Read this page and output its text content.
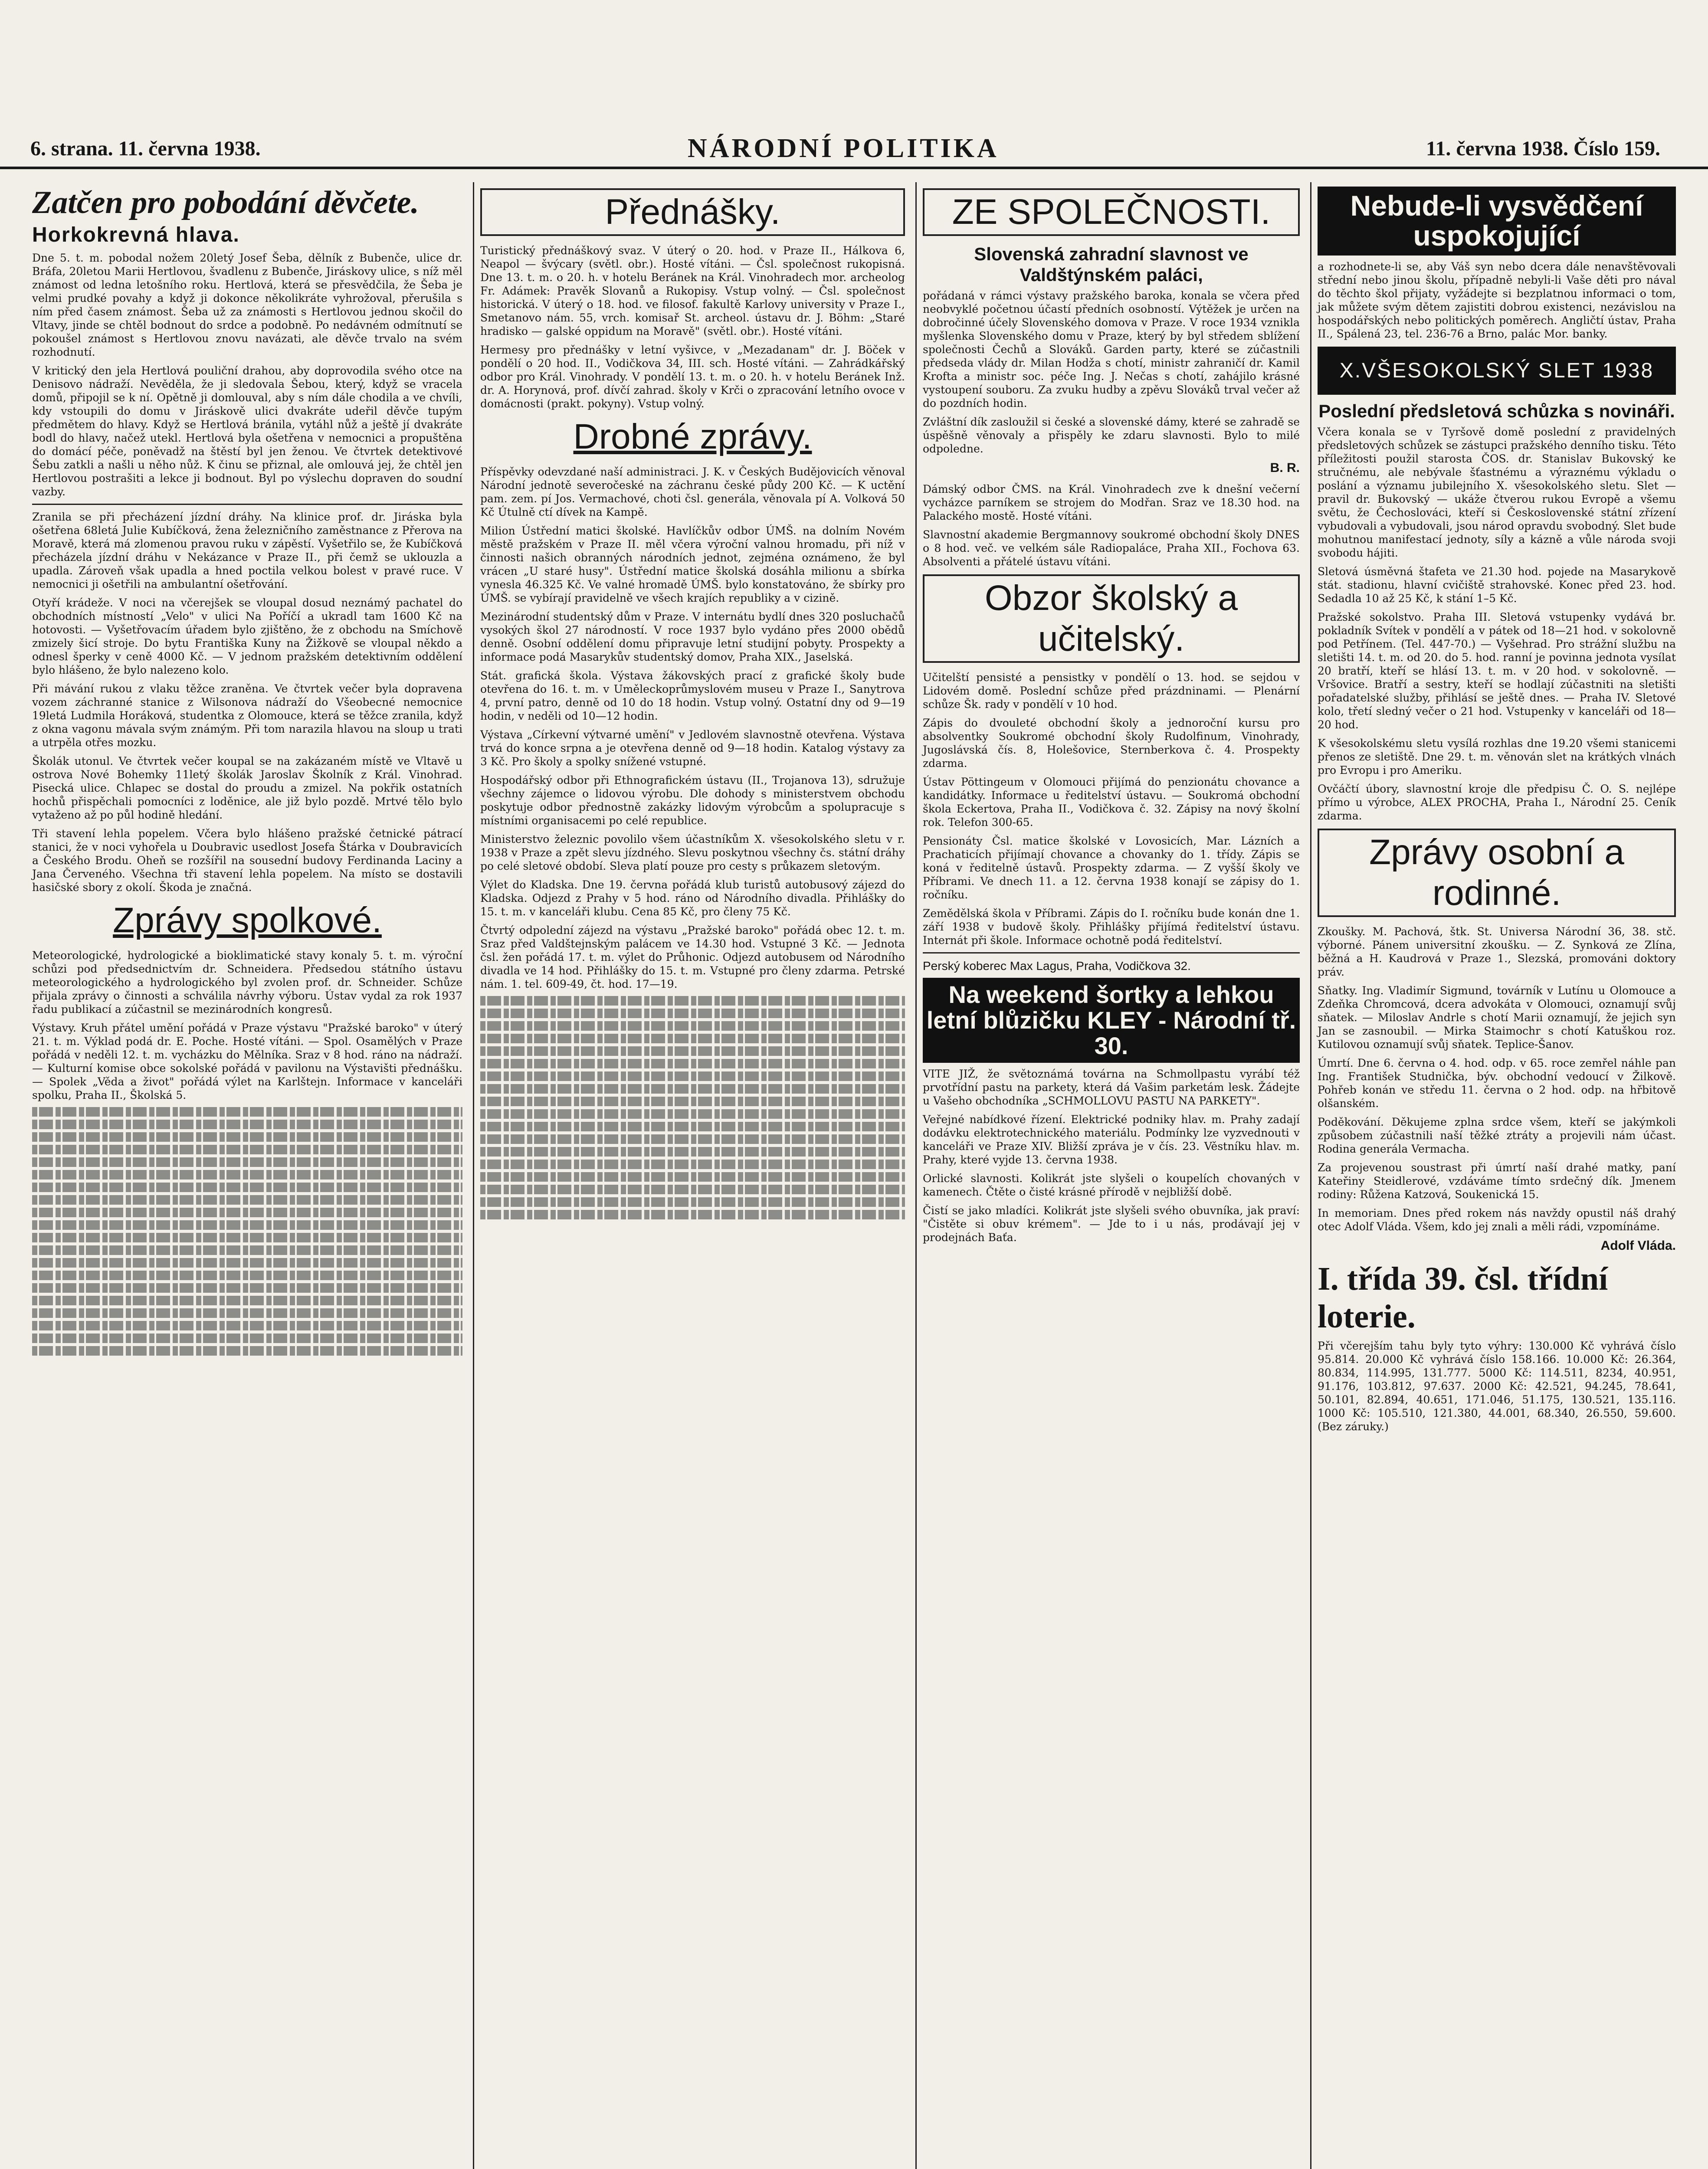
6. strana. 11. června 1938.	NÁRODNÍ POLITIKA	11. června 1938. Číslo 159.
Zatčen pro pobodání děvčete.
Horkokrevná hlava.

Dne 5. t. m. pobodal nožem 20letý Josef Šeba, dělník z Bubenče, ulice dr. Bráfa, 20letou Marii Hertlovou, švadlenu z Bubenče, Jiráskovy ulice, s níž měl známost od ledna letošního roku. Hertlová, která se přesvědčila, že Šeba je velmi prudké povahy a když ji dokonce několikráte vyhrožoval, přerušila s ním před časem známost. Šeba už za známosti s Hertlovou jednou skočil do Vltavy, jinde se chtěl bodnout do srdce a podobně. Po nedávném odmítnutí se pokoušel známost s Hertlovou znovu navázati, ale děvče trvalo na svém rozhodnutí.

V kritický den jela Hertlová pouliční drahou, aby doprovodila svého otce na Denisovo nádraží. Nevěděla, že ji sledovala Šebou, který, když se vracela domů, připojil se k ní. Opětně ji domlouval, aby s ním dále chodila a ve chvíli, kdy vstoupili do domu v Jiráskově ulici dvakráte udeřil děvče tupým předmětem do hlavy. Když se Hertlová bránila, vytáhl nůž a ještě jí dvakráte bodl do hlavy, načež utekl. Hertlová byla ošetřena v nemocnici a propuštěna do domácí péče, poněvadž na štěstí byl jen ženou. Ve čtvrtek detektivové Šebu zatkli a našli u něho nůž. K činu se přiznal, ale omlouvá jej, že chtěl jen Hertlovou postrašiti a lekce ji bodnout. Byl po výslechu dopraven do soudní vazby.

Zranila se při přecházení jízdní dráhy. Na klinice prof. dr. Jiráska byla ošetřena 68letá Julie Kubíčková, žena železničního zaměstnance z Přerova na Moravě, která má zlomenou pravou ruku v zápěstí. Vyšetřilo se, že Kubíčková přecházela jízdní dráhu v Nekázance v Praze II., při čemž se uklouzla a upadla. Zároveň však upadla a hned poctila velkou bolest v pravé ruce. V nemocnici ji ošetřili na ambulantní ošetřování.

Otyří krádeže. V noci na včerejšek se vloupal dosud neznámý pachatel do obchodních místností „Velo" v ulici Na Poříčí a ukradl tam 1600 Kč na hotovosti. — Vyšetřovacím úřadem bylo zjištěno, že z obchodu na Smíchově zmizely šicí stroje. Do bytu Františka Kuny na Žižkově se vloupal někdo a odnesl šperky v ceně 4000 Kč. — V jednom pražském detektivním oddělení bylo hlášeno, že bylo nalezeno kolo.

Při mávání rukou z vlaku těžce zraněna. Ve čtvrtek večer byla dopravena vozem záchranné stanice z Wilsonova nádraží do Všeobecné nemocnice 19letá Ludmila Horáková, studentka z Olomouce, která se těžce zranila, když z okna vagonu mávala svým známým. Při tom narazila hlavou na sloup u trati a utrpěla otřes mozku.

Školák utonul. Ve čtvrtek večer koupal se na zakázaném místě ve Vltavě u ostrova Nové Bohemky 11letý školák Jaroslav Školník z Král. Vinohrad. Pisecká ulice. Chlapec se dostal do proudu a zmizel. Na pokřik ostatních hochů přispěchali pomocníci z loděnice, ale již bylo pozdě. Mrtvé tělo bylo vytaženo až po půl hodině hledání.

Tři stavení lehla popelem. Včera bylo hlášeno pražské četnické pátrací stanici, že v noci vyhořela u Doubravic usedlost Josefa Štárka v Doubravicích a Českého Brodu. Oheň se rozšířil na sousední budovy Ferdinanda Laciny a Jana Červeného. Všechna tři stavení lehla popelem. Na místo se dostavili hasičské sbory z okolí. Škoda je značná.

Zprávy spolkové.

Meteorologické, hydrologické a bioklimatické stavy konaly 5. t. m. výroční schůzi pod předsednictvím dr. Schneidera. Předsedou státního ústavu meteorologického a hydrologického byl zvolen prof. dr. Schneider. Schůze přijala zprávy o činnosti a schválila návrhy výboru. Ústav vydal za rok 1937 řadu publikací a zúčastnil se mezinárodních kongresů.

Výstavy. Kruh přátel umění pořádá v Praze výstavu "Pražské baroko" v úterý 21. t. m. Výklad podá dr. E. Poche. Hosté vítáni. — Spol. Osamělých v Praze pořádá v neděli 12. t. m. vycházku do Mělníka. Sraz v 8 hod. ráno na nádraží. — Kulturní komise obce sokolské pořádá v pavilonu na Výstavišti přednášku. — Spolek „Věda a život" pořádá výlet na Karlštejn. Informace v kanceláři spolku, Praha II., Školská 5.

Přednášky.

Turistický přednáškový svaz. V úterý o 20. hod. v Praze II., Hálkova 6, Neapol — švýcary (světl. obr.). Hosté vítáni. — Čsl. společnost rukopisná. Dne 13. t. m. o 20. h. v hotelu Beránek na Král. Vinohradech mor. archeolog Fr. Adámek: Pravěk Slovanů a Rukopisy. Vstup volný. — Čsl. společnost historická. V úterý o 18. hod. ve filosof. fakultě Karlovy university v Praze I., Smetanovo nám. 55, vrch. komisař St. archeol. ústavu dr. J. Böhm: „Staré hradisko — galské oppidum na Moravě" (světl. obr.). Hosté vítáni.

Hermesy pro přednášky v letní vyšivce, v „Mezadanam" dr. J. Böček v pondělí o 20 hod. II., Vodičkova 34, III. sch. Hosté vítáni. — Zahrádkářský odbor pro Král. Vinohrady. V pondělí 13. t. m. o 20. h. v hotelu Beránek Inž. dr. A. Horynová, prof. dívčí zahrad. školy v Krči o zpracování letního ovoce v domácnosti (prakt. pokyny). Vstup volný.

Drobné zprávy.

Příspěvky odevzdané naší administraci. J. K. v Českých Budějovicích věnoval Národní jednotě severočeské na záchranu české půdy 200 Kč. — K uctění pam. zem. pí Jos. Vermachové, choti čsl. generála, věnovala pí A. Volková 50 Kč Útulně ctí dívek na Kampě.

Milion Ústřední matici školské. Havlíčkův odbor ÚMŠ. na dolním Novém městě pražském v Praze II. měl včera výroční valnou hromadu, při níž v činnosti našich obranných národních jednot, zejména oznámeno, že byl vrácen „U staré husy". Ústřední matice školská dosáhla milionu a sbírka vynesla 46.325 Kč. Ve valné hromadě ÚMŠ. bylo konstatováno, že sbírky pro ÚMŠ. se vybírají pravidelně ve všech krajích republiky a v cizině.

Mezinárodní studentský dům v Praze. V internátu bydlí dnes 320 posluchačů vysokých škol 27 národností. V roce 1937 bylo vydáno přes 2000 obědů denně. Osobní oddělení domu připravuje letní studijní pobyty. Prospekty a informace podá Masarykův studentský domov, Praha XIX., Jaselská.

Stát. grafická škola. Výstava žákovských prací z grafické školy bude otevřena do 16. t. m. v Uměleckoprůmyslovém museu v Praze I., Sanytrova 4, první patro, denně od 10 do 18 hodin. Vstup volný. Ostatní dny od 9—19 hodin, v neděli od 10—12 hodin.

Výstava „Církevní výtvarné umění" v Jedlovém slavnostně otevřena. Výstava trvá do konce srpna a je otevřena denně od 9—18 hodin. Katalog výstavy za 3 Kč. Pro školy a spolky snížené vstupné.

Hospodářský odbor při Ethnografickém ústavu (II., Trojanova 13), sdružuje všechny zájemce o lidovou výrobu. Dle dohody s ministerstvem obchodu poskytuje odbor přednostně zakázky lidovým výrobcům a spolupracuje s místními organisacemi po celé republice.

Ministerstvo železnic povolilo všem účastníkům X. všesokolského sletu v r. 1938 v Praze a zpět slevu jízdného. Slevu poskytnou všechny čs. státní dráhy po celé sletové období. Sleva platí pouze pro cesty s průkazem sletovým.

Výlet do Kladska. Dne 19. června pořádá klub turistů autobusový zájezd do Kladska. Odjezd z Prahy v 5 hod. ráno od Národního divadla. Přihlášky do 15. t. m. v kanceláři klubu. Cena 85 Kč, pro členy 75 Kč.

Čtvrtý odpolední zájezd na výstavu „Pražské baroko" pořádá obec 12. t. m. Sraz před Valdštejnským palácem ve 14.30 hod. Vstupné 3 Kč. — Jednota čsl. žen pořádá 17. t. m. výlet do Průhonic. Odjezd autobusem od Národního divadla ve 14 hod. Přihlášky do 15. t. m. Vstupné pro členy zdarma. Petrské nám. 1. tel. 609-49, čt. hod. 17—19.

ZE SPOLEČNOSTI.
Slovenská zahradní slavnost ve Valdštýnském paláci,

pořádaná v rámci výstavy pražského baroka, konala se včera před neobvyklé početnou účastí předních osobností. Výtěžek je určen na dobročinné účely Slovenského domova v Praze. V roce 1934 vznikla myšlenka Slovenského domu v Praze, který by byl středem sblížení společnosti Čechů a Slováků. Garden party, které se zúčastnili předseda vlády dr. Milan Hodža s chotí, ministr zahraničí dr. Kamil Krofta a ministr soc. péče Ing. J. Nečas s chotí, zahájilo krásné vystoupení souboru. Za zvuku hudby a zpěvu Slováků trval večer až do pozdních hodin.

Zvláštní dík zasloužil si české a slovenské dámy, které se zahradě se úspěšně věnovaly a přispěly ke zdaru slavnosti. Bylo to milé odpoledne.

B. R.

Dámský odbor ČMS. na Král. Vinohradech zve k dnešní večerní vycházce parníkem se strojem do Modřan. Sraz ve 18.30 hod. na Palackého mostě. Hosté vítáni.

Slavnostní akademie Bergmannovy soukromé obchodní školy DNES o 8 hod. več. ve velkém sále Radiopaláce, Praha XII., Fochova 63. Absolventi a přátelé ústavu vítáni.

Obzor školský a učitelský.

Učitelští pensisté a pensistky v pondělí o 13. hod. se sejdou v Lidovém domě. Poslední schůze před prázdninami. — Plenární schůze Šk. rady v pondělí v 10 hod.

Zápis do dvouleté obchodní školy a jednoroční kursu pro absolventky Soukromé obchodní školy Rudolfinum, Vinohrady, Jugoslávská čís. 8, Holešovice, Sternberkova č. 4. Prospekty zdarma.

Ústav Pöttingeum v Olomouci přijímá do penzionátu chovance a kandidátky. Informace u ředitelství ústavu. — Soukromá obchodní škola Eckertova, Praha II., Vodičkova č. 32. Zápisy na nový školní rok. Telefon 300-65.

Pensionáty Čsl. matice školské v Lovosicích, Mar. Lázních a Prachaticích přijímají chovance a chovanky do 1. třídy. Zápis se koná v ředitelně ústavů. Prospekty zdarma. — Z vyšší školy ve Příbrami. Ve dnech 11. a 12. června 1938 konají se zápisy do 1. ročníku.

Zemědělská škola v Příbrami. Zápis do I. ročníku bude konán dne 1. září 1938 v budově školy. Přihlášky přijímá ředitelství ústavu. Internát při škole. Informace ochotně podá ředitelství.

Perský koberec Max Lagus, Praha, Vodičkova 32.
Na weekend šortky a lehkou letní blůzičku KLEY - Národní tř. 30.

VITE JIŽ, že světoznámá továrna na Schmollpastu vyrábí též prvotřídní pastu na parkety, která dá Vašim parketám lesk. Žádejte u Vašeho obchodníka „SCHMOLLOVU PASTU NA PARKETY".

Veřejné nabídkové řízení. Elektrické podniky hlav. m. Prahy zadají dodávku elektrotechnického materiálu. Podmínky lze vyzvednouti v kanceláři ve Praze XIV. Bližší zpráva je v čís. 23. Věstníku hlav. m. Prahy, které vyjde 13. června 1938.

Orlické slavnosti. Kolikrát jste slyšeli o koupelích chovaných v kamenech. Čtěte o čisté krásné přírodě v nejbližší době.

Čistí se jako mladíci. Kolikrát jste slyšeli svého obuvníka, jak praví: "Čistěte si obuv krémem". — Jde to i u nás, prodávají jej v prodejnách Baťa.

Nebude-li vysvědčení uspokojující

a rozhodnete-li se, aby Váš syn nebo dcera dále nenavštěvovali střední nebo jinou školu, případně nebyli-li Vaše děti pro nával do těchto škol přijaty, vyžádejte si bezplatnou informaci o tom, jak můžete svým dětem zajistiti dobrou existenci, nezávislou na hospodářských nebo politických poměrech. Angličtí ústav, Praha II., Spálená 23, tel. 236-76 a Brno, palác Mor. banky.

X.VŠESOKOLSKÝ SLET 1938
Poslední předsletová schůzka s novináři.

Včera konala se v Tyršově domě poslední z pravidelných předsletových schůzek se zástupci pražského denního tisku. Této příležitosti použil starosta ČOS. dr. Stanislav Bukovský ke stručnému, ale nebývale šťastnému a výraznému výkladu o poslání a významu jubilejního X. všesokolského sletu. Slet — pravil dr. Bukovský — ukáže čtverou rukou Evropě a všemu světu, že Čechoslováci, kteří si Československé státní zřízení vybudovali a vybudovali, jsou národ opravdu svobodný. Slet bude mohutnou manifestací jednoty, síly a kázně a vůle národa svoji svobodu hájiti.

Sletová úsměvná štafeta ve 21.30 hod. pojede na Masarykově stát. stadionu, hlavní cvičiště strahovské. Konec před 23. hod. Sedadla 10 až 25 Kč, k stání 1–5 Kč.

Pražské sokolstvo. Praha III. Sletová vstupenky vydává br. pokladník Svítek v pondělí a v pátek od 18—21 hod. v sokolovně pod Petřínem. (Tel. 447-70.) — Vyšehrad. Pro strážní službu na sletišti 14. t. m. od 20. do 5. hod. ranní je povinna jednota vysílat 20 bratří, kteří se hlásí 13. t. m. v 20 hod. v sokolovně. — Vršovice. Bratří a sestry, kteří se hodlají zúčastniti na sletišti pořadatelské služby, přihlásí se ještě dnes. — Praha IV. Sletové kolo, třetí sledný večer o 21 hod. Vstupenky v kanceláři od 18—20 hod.

K všesokolskému sletu vysílá rozhlas dne 19.20 všemi stanicemi přenos ze sletiště. Dne 29. t. m. věnován slet na krátkých vlnách pro Evropu i pro Ameriku.

Ovčáčtí úbory, slavnostní kroje dle předpisu Č. O. S. nejlépe přímo u výrobce, ALEX PROCHA, Praha I., Národní 25. Ceník zdarma.

Zprávy osobní a rodinné.

Zkoušky. M. Pachová, štk. St. Universa Národní 36, 38. stč. výborné. Pánem universitní zkoušku. — Z. Synková ze Zlína, běžná a H. Kaudrová v Praze 1., Slezská, promováni doktory práv.

Sňatky. Ing. Vladimír Sigmund, továrník v Lutínu u Olomouce a Zdeňka Chromcová, dcera advokáta v Olomouci, oznamují svůj sňatek. — Miloslav Andrle s chotí Marii oznamují, že jejich syn Jan se zasnoubil. — Mirka Staimochr s chotí Katuškou roz. Kutilovou oznamují svůj sňatek. Teplice-Šanov.

Úmrtí. Dne 6. června o 4. hod. odp. v 65. roce zemřel náhle pan Ing. František Studnička, býv. obchodní vedoucí v Žilkově. Pohřeb konán ve středu 11. června o 2 hod. odp. na hřbitově olšanském.

Poděkování. Děkujeme zplna srdce všem, kteří se jakýmkoli způsobem zúčastnili naší těžké ztráty a projevili nám účast. Rodina generála Vermacha.

Za projevenou soustrast při úmrtí naší drahé matky, paní Kateřiny Steidlerové, vzdáváme tímto srdečný dík. Jmenem rodiny: Růžena Katzová, Soukenická 15.

In memoriam. Dnes před rokem nás navždy opustil náš drahý otec Adolf Vláda. Všem, kdo jej znali a měli rádi, vzpomínáme.

Adolf Vláda.
I. třída 39. čsl. třídní loterie.

Při včerejším tahu byly tyto výhry: 130.000 Kč vyhrává číslo 95.814. 20.000 Kč vyhrává číslo 158.166. 10.000 Kč: 26.364, 80.834, 114.995, 131.777. 5000 Kč: 114.511, 8234, 40.951, 91.176, 103.812, 97.637. 2000 Kč: 42.521, 94.245, 78.641, 50.101, 82.894, 40.651, 171.046, 51.175, 130.521, 135.116. 1000 Kč: 105.510, 121.380, 44.001, 68.340, 26.550, 59.600. (Bez záruky.)
